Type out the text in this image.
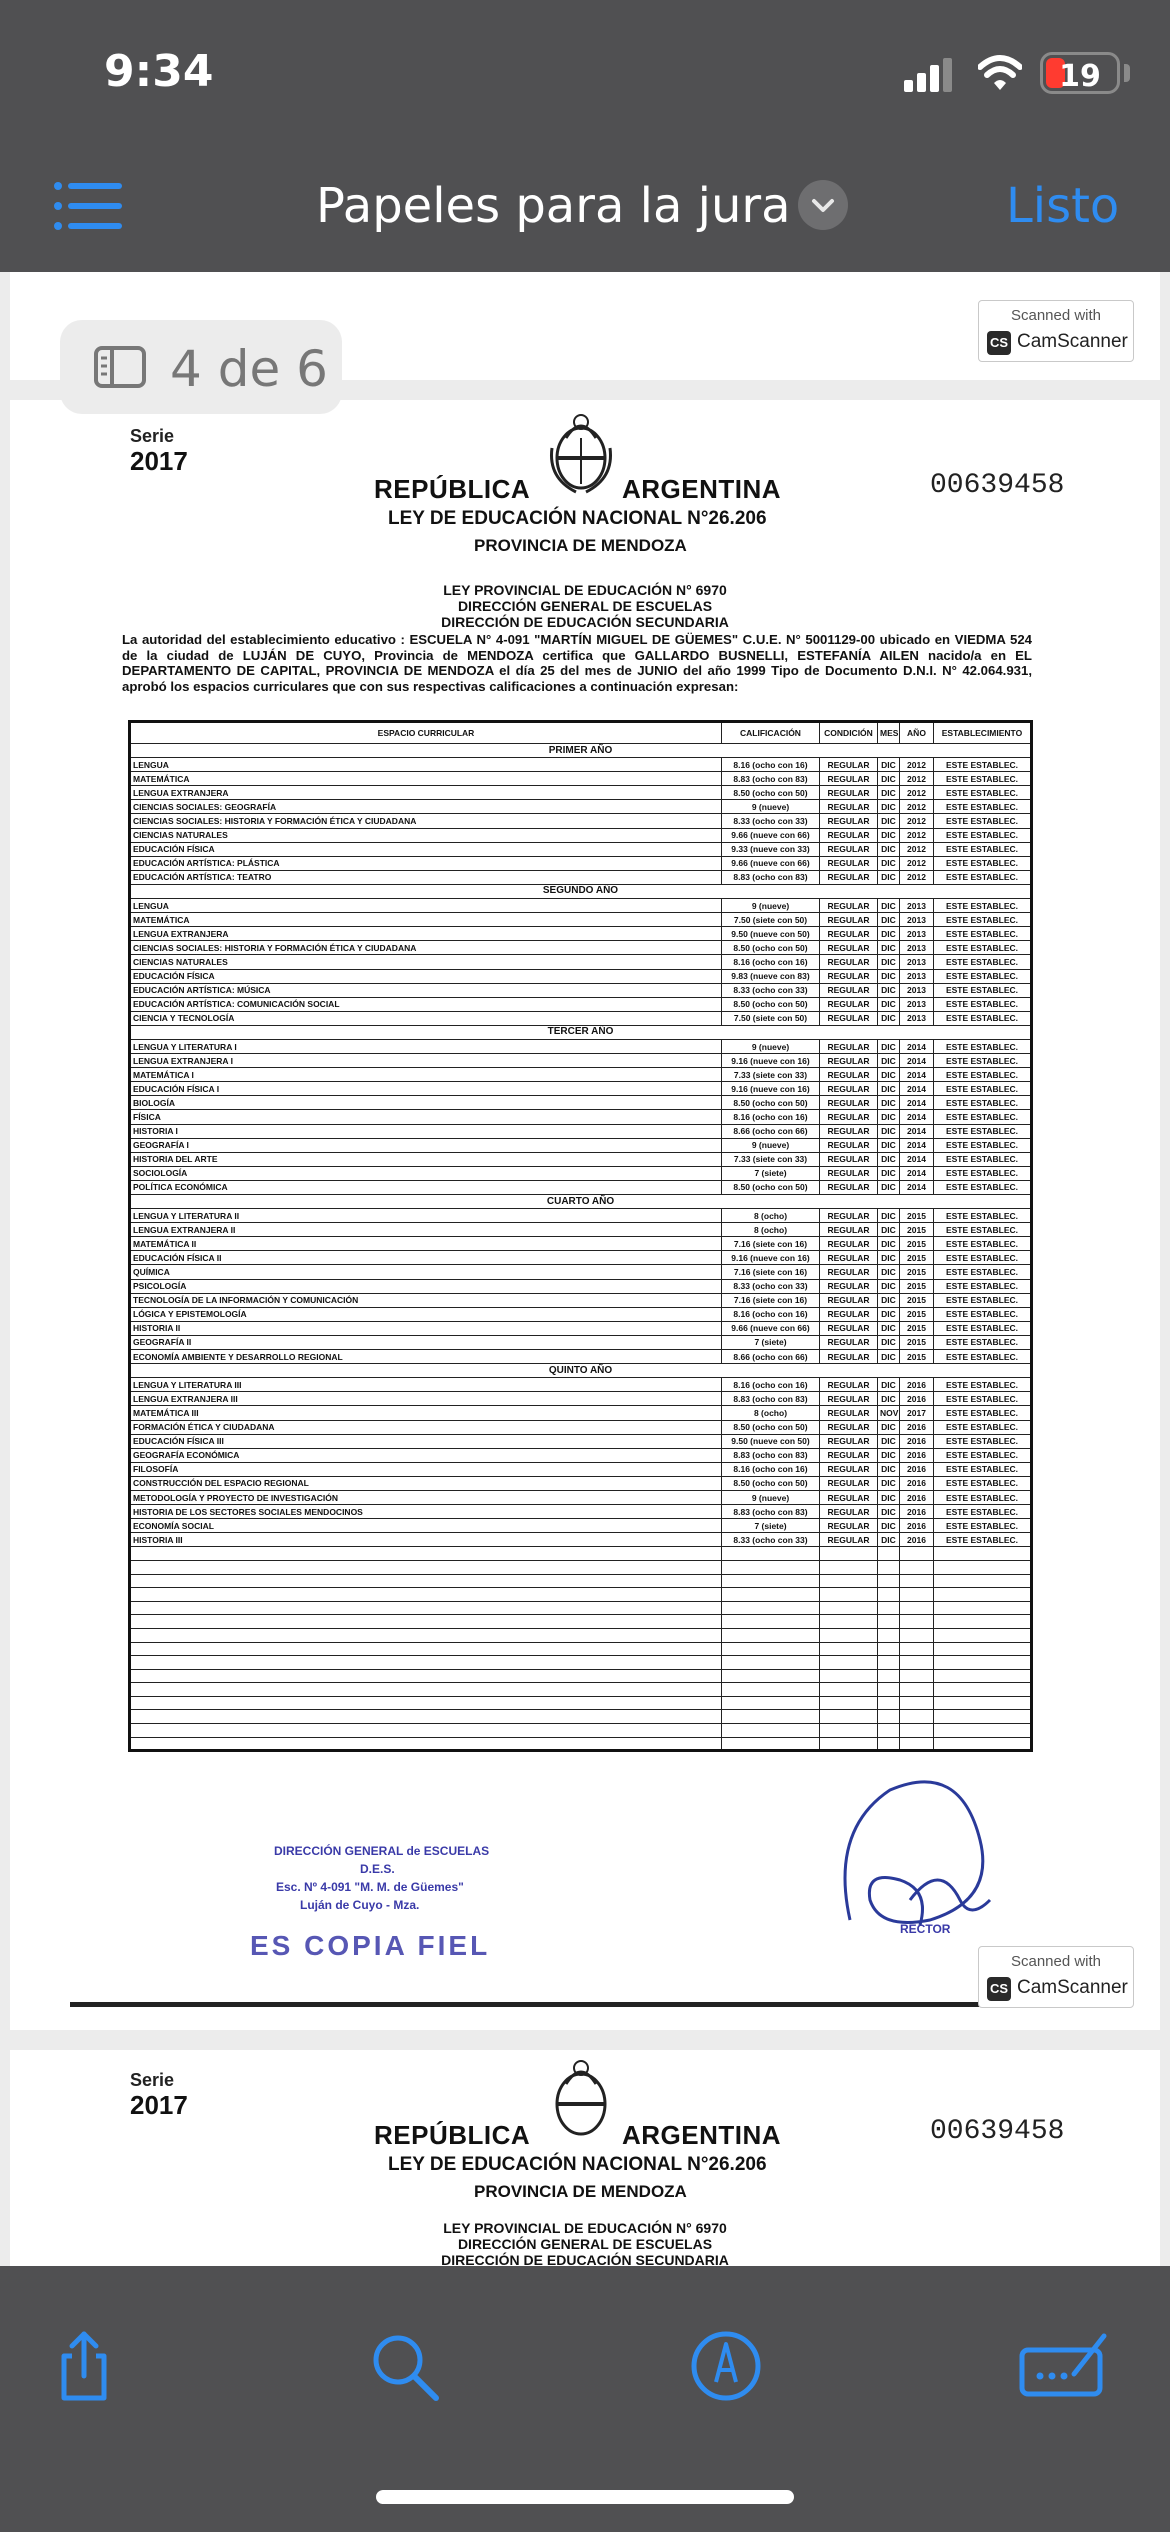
9:34	19
Papeles para la jura	Listo
Scanned with
CS CamScanner
Serie
2017
REPÚBLICA	ARGENTINA	00639458
LEY DE EDUCACIÓN NACIONAL N°26.206
PROVINCIA DE MENDOZA
LEY PROVINCIAL DE EDUCACIÓN N° 6970
DIRECCIÓN GENERAL DE ESCUELAS
DIRECCIÓN DE EDUCACIÓN SECUNDARIA
La autoridad del establecimiento educativo : ESCUELA N° 4-091 "MARTÍN MIGUEL DE GÜEMES" C.U.E. N° 5001129-00 ubicado en VIEDMA 524 de la ciudad de LUJÁN DE CUYO, Provincia de MENDOZA certifica que GALLARDO BUSNELLI, ESTEFANÍA AILEN nacido/a en EL DEPARTAMENTO DE CAPITAL, PROVINCIA DE MENDOZA el día 25 del mes de JUNIO del año 1999 Tipo de Documento D.N.I. N° 42.064.931, aprobó los espacios curriculares que con sus respectivas calificaciones a continuación expresan:
ESPACIO CURRICULAR	CALIFICACIÓN	CONDICIÓN	MES	AÑO	ESTABLECIMIENTO
PRIMER AÑO					
LENGUA	8.16 (ocho con 16)	REGULAR	DIC	2012	ESTE ESTABLEC.
MATEMÁTICA	8.83 (ocho con 83)	REGULAR	DIC	2012	ESTE ESTABLEC.
LENGUA EXTRANJERA	8.50 (ocho con 50)	REGULAR	DIC	2012	ESTE ESTABLEC.
CIENCIAS SOCIALES: GEOGRAFÍA	9 (nueve)	REGULAR	DIC	2012	ESTE ESTABLEC.
CIENCIAS SOCIALES: HISTORIA Y FORMACIÓN ÉTICA Y CIUDADANA	8.33 (ocho con 33)	REGULAR	DIC	2012	ESTE ESTABLEC.
CIENCIAS NATURALES	9.66 (nueve con 66)	REGULAR	DIC	2012	ESTE ESTABLEC.
EDUCACIÓN FÍSICA	9.33 (nueve con 33)	REGULAR	DIC	2012	ESTE ESTABLEC.
EDUCACIÓN ARTÍSTICA: PLÁSTICA	9.66 (nueve con 66)	REGULAR	DIC	2012	ESTE ESTABLEC.
EDUCACIÓN ARTÍSTICA: TEATRO	8.83 (ocho con 83)	REGULAR	DIC	2012	ESTE ESTABLEC.
SEGUNDO AÑO					
LENGUA	9 (nueve)	REGULAR	DIC	2013	ESTE ESTABLEC.
MATEMÁTICA	7.50 (siete con 50)	REGULAR	DIC	2013	ESTE ESTABLEC.
LENGUA EXTRANJERA	9.50 (nueve con 50)	REGULAR	DIC	2013	ESTE ESTABLEC.
CIENCIAS SOCIALES: HISTORIA Y FORMACIÓN ÉTICA Y CIUDADANA	8.50 (ocho con 50)	REGULAR	DIC	2013	ESTE ESTABLEC.
CIENCIAS NATURALES	8.16 (ocho con 16)	REGULAR	DIC	2013	ESTE ESTABLEC.
EDUCACIÓN FÍSICA	9.83 (nueve con 83)	REGULAR	DIC	2013	ESTE ESTABLEC.
EDUCACIÓN ARTÍSTICA: MÚSICA	8.33 (ocho con 33)	REGULAR	DIC	2013	ESTE ESTABLEC.
EDUCACIÓN ARTÍSTICA: COMUNICACIÓN SOCIAL	8.50 (ocho con 50)	REGULAR	DIC	2013	ESTE ESTABLEC.
CIENCIA Y TECNOLOGÍA	7.50 (siete con 50)	REGULAR	DIC	2013	ESTE ESTABLEC.
TERCER AÑO					
LENGUA Y LITERATURA I	9 (nueve)	REGULAR	DIC	2014	ESTE ESTABLEC.
LENGUA EXTRANJERA I	9.16 (nueve con 16)	REGULAR	DIC	2014	ESTE ESTABLEC.
MATEMÁTICA I	7.33 (siete con 33)	REGULAR	DIC	2014	ESTE ESTABLEC.
EDUCACIÓN FÍSICA I	9.16 (nueve con 16)	REGULAR	DIC	2014	ESTE ESTABLEC.
BIOLOGÍA	8.50 (ocho con 50)	REGULAR	DIC	2014	ESTE ESTABLEC.
FÍSICA	8.16 (ocho con 16)	REGULAR	DIC	2014	ESTE ESTABLEC.
HISTORIA I	8.66 (ocho con 66)	REGULAR	DIC	2014	ESTE ESTABLEC.
GEOGRAFÍA I	9 (nueve)	REGULAR	DIC	2014	ESTE ESTABLEC.
HISTORIA DEL ARTE	7.33 (siete con 33)	REGULAR	DIC	2014	ESTE ESTABLEC.
SOCIOLOGÍA	7 (siete)	REGULAR	DIC	2014	ESTE ESTABLEC.
POLÍTICA ECONÓMICA	8.50 (ocho con 50)	REGULAR	DIC	2014	ESTE ESTABLEC.
CUARTO AÑO					
LENGUA Y LITERATURA II	8 (ocho)	REGULAR	DIC	2015	ESTE ESTABLEC.
LENGUA EXTRANJERA II	8 (ocho)	REGULAR	DIC	2015	ESTE ESTABLEC.
MATEMÁTICA II	7.16 (siete con 16)	REGULAR	DIC	2015	ESTE ESTABLEC.
EDUCACIÓN FÍSICA II	9.16 (nueve con 16)	REGULAR	DIC	2015	ESTE ESTABLEC.
QUÍMICA	7.16 (siete con 16)	REGULAR	DIC	2015	ESTE ESTABLEC.
PSICOLOGÍA	8.33 (ocho con 33)	REGULAR	DIC	2015	ESTE ESTABLEC.
TECNOLOGÍA DE LA INFORMACIÓN Y COMUNICACIÓN	7.16 (siete con 16)	REGULAR	DIC	2015	ESTE ESTABLEC.
LÓGICA Y EPISTEMOLOGÍA	8.16 (ocho con 16)	REGULAR	DIC	2015	ESTE ESTABLEC.
HISTORIA II	9.66 (nueve con 66)	REGULAR	DIC	2015	ESTE ESTABLEC.
GEOGRAFÍA II	7 (siete)	REGULAR	DIC	2015	ESTE ESTABLEC.
ECONOMÍA AMBIENTE Y DESARROLLO REGIONAL	8.66 (ocho con 66)	REGULAR	DIC	2015	ESTE ESTABLEC.
QUINTO AÑO					
LENGUA Y LITERATURA III	8.16 (ocho con 16)	REGULAR	DIC	2016	ESTE ESTABLEC.
LENGUA EXTRANJERA III	8.83 (ocho con 83)	REGULAR	DIC	2016	ESTE ESTABLEC.
MATEMÁTICA III	8 (ocho)	REGULAR	NOV	2017	ESTE ESTABLEC.
FORMACIÓN ÉTICA Y CIUDADANA	8.50 (ocho con 50)	REGULAR	DIC	2016	ESTE ESTABLEC.
EDUCACIÓN FÍSICA III	9.50 (nueve con 50)	REGULAR	DIC	2016	ESTE ESTABLEC.
GEOGRAFÍA ECONÓMICA	8.83 (ocho con 83)	REGULAR	DIC	2016	ESTE ESTABLEC.
FILOSOFÍA	8.16 (ocho con 16)	REGULAR	DIC	2016	ESTE ESTABLEC.
CONSTRUCCIÓN DEL ESPACIO REGIONAL	8.50 (ocho con 50)	REGULAR	DIC	2016	ESTE ESTABLEC.
METODOLOGÍA Y PROYECTO DE INVESTIGACIÓN	9 (nueve)	REGULAR	DIC	2016	ESTE ESTABLEC.
HISTORIA DE LOS SECTORES SOCIALES MENDOCINOS	8.83 (ocho con 83)	REGULAR	DIC	2016	ESTE ESTABLEC.
ECONOMÍA SOCIAL	7 (siete)	REGULAR	DIC	2016	ESTE ESTABLEC.
HISTORIA III	8.33 (ocho con 33)	REGULAR	DIC	2016	ESTE ESTABLEC.

DIRECCIÓN GENERAL de ESCUELAS
D.E.S.
Esc. Nº 4-091 "M. M. de Güemes"
Luján de Cuyo - Mza.
ES COPIA FIEL
RECTOR
Scanned with
CS CamScanner
Serie
2017
REPÚBLICA	ARGENTINA	00639458
LEY DE EDUCACIÓN NACIONAL N°26.206
PROVINCIA DE MENDOZA
LEY PROVINCIAL DE EDUCACIÓN N° 6970
DIRECCIÓN GENERAL DE ESCUELAS
DIRECCIÓN DE EDUCACIÓN SECUNDARIA
4 de 6
